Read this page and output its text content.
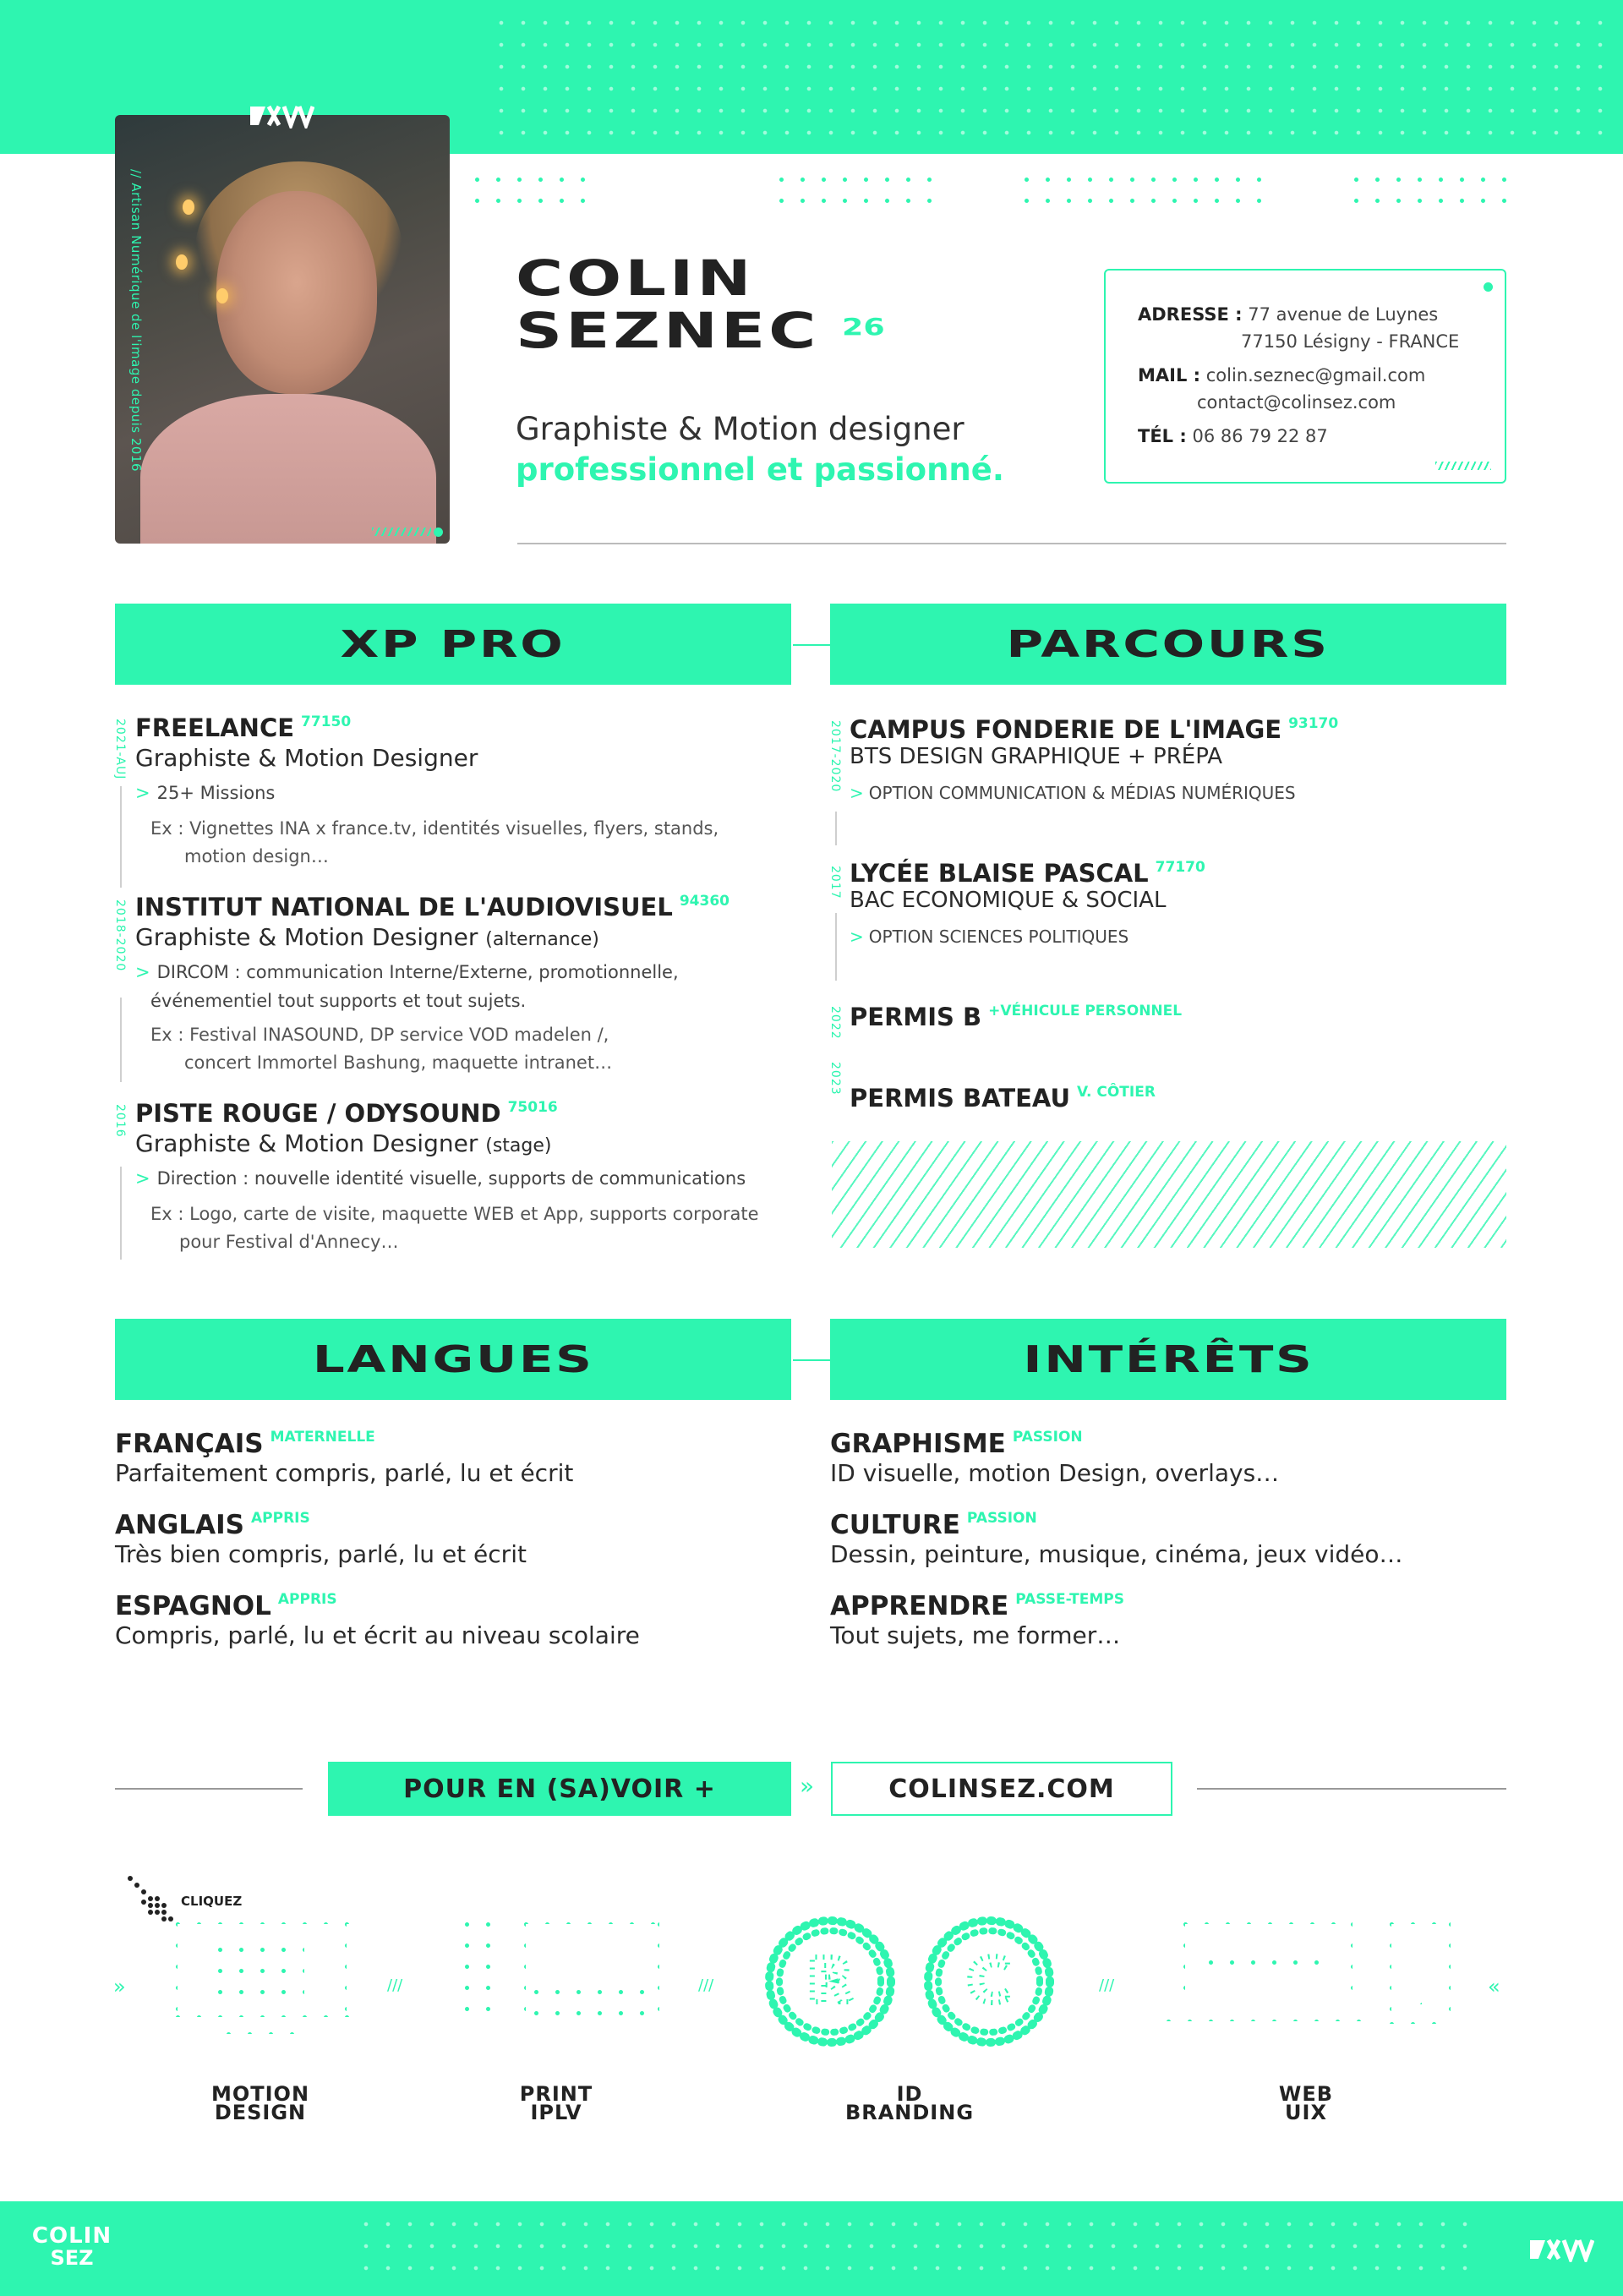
// Artisan Numérique de l'image depuis 2016	COLIN
SEZNEC 26
Graphiste & Motion designer
professionnel et passionné.
ADRESSE : 77 avenue de Luynes
77150 Lésigny - FRANCE
MAIL : colin.seznec@gmail.com
contact@colinsez.com
TÉL : 06 86 79 22 87
XP PRO	PARCOURS
2021-AUJ FREELANCE $^{77150}$
Graphiste & Motion Designer
> 25+ Missions
Ex : Vignettes INA x france.tv, identités visuelles, flyers, stands,
motion design…
2018-2020 INSTITUT NATIONAL DE L'AUDIOVISUEL $^{94360}$
Graphiste & Motion Designer (alternance)
> DIRCOM : communication Interne/Externe, promotionnelle,
événementiel tout supports et tout sujets.
Ex : Festival INASOUND, DP service VOD madelen /,
concert Immortel Bashung, maquette intranet…
2016 PISTE ROUGE / ODYSOUND $^{75016}$
Graphiste & Motion Designer (stage)
> Direction : nouvelle identité visuelle, supports de communications
Ex : Logo, carte de visite, maquette WEB et App, supports corporate
pour Festival d'Annecy…
2017-2020 CAMPUS FONDERIE DE L'IMAGE $^{93170}$
BTS DESIGN GRAPHIQUE + PRÉPA
> OPTION COMMUNICATION & MÉDIAS NUMÉRIQUES
2017 LYCÉE BLAISE PASCAL $^{77170}$
BAC ECONOMIQUE & SOCIAL
> OPTION SCIENCES POLITIQUES
2022 PERMIS B $^{+VÉHICULE PERSONNEL}$
2023
PERMIS BATEAU $^{V. CÔTIER}$
LANGUES	INTÉRÊTS
FRANÇAIS $^{MATERNELLE}$
Parfaitement compris, parlé, lu et écrit
ANGLAIS $^{APPRIS}$
Très bien compris, parlé, lu et écrit
ESPAGNOL $^{APPRIS}$
Compris, parlé, lu et écrit au niveau scolaire
GRAPHISME $^{PASSION}$
ID visuelle, motion Design, overlays…
CULTURE $^{PASSION}$
Dessin, peinture, musique, cinéma, jeux vidéo…
APPRENDRE $^{PASSE-TEMPS}$
Tout sujets, me former…
POUR EN (SA)VOIR +	»	COLINSEZ.COM
»	«
///	///	///
CLIQUEZ
R C
MOTION
DESIGN
PRINT
IPLV
ID
BRANDING
WEB
UIX
COLIN
SEZ
